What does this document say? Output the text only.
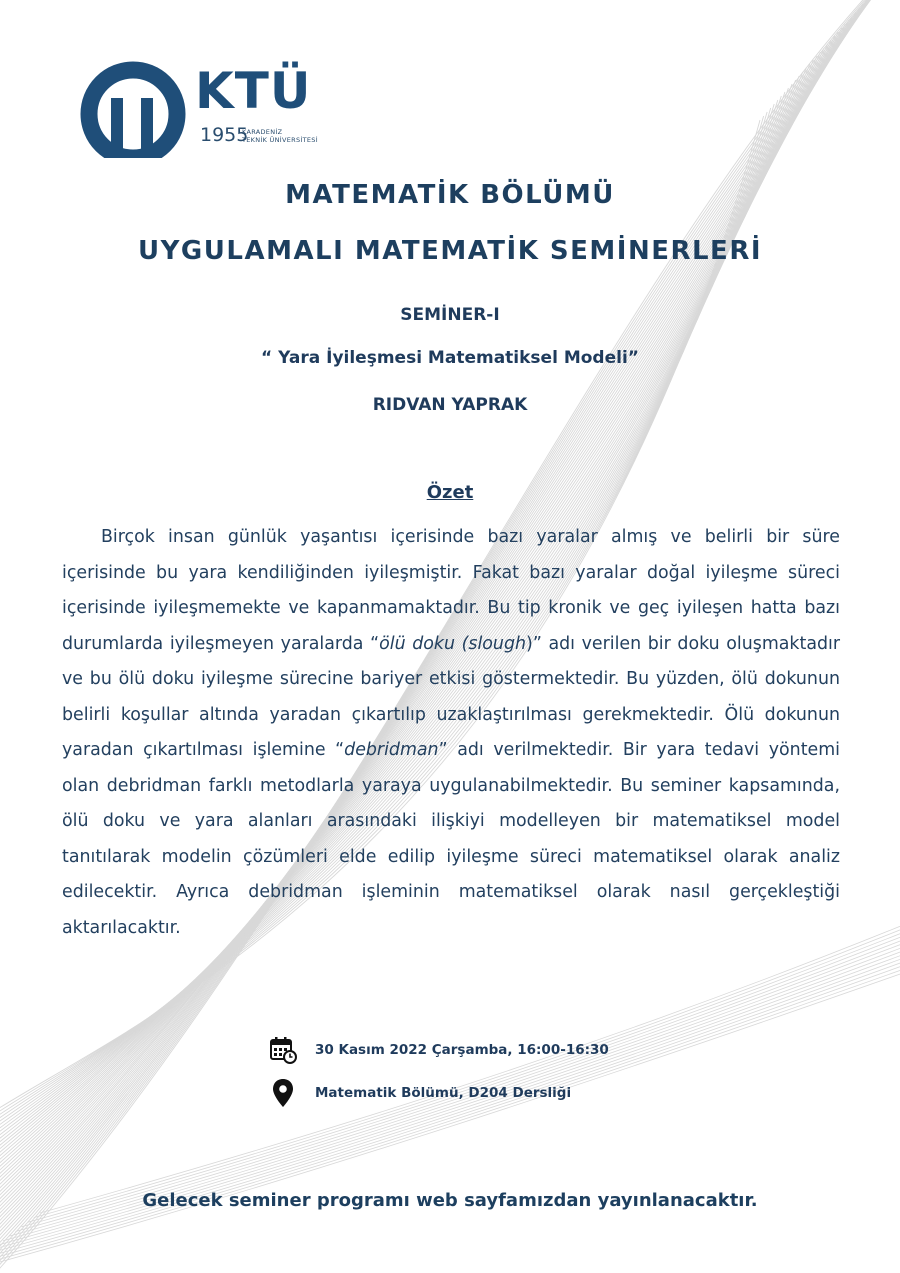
KTÜ
1955
KARADENİZ
TEKNİK ÜNİVERSİTESİ
MATEMATİK BÖLÜMÜ
UYGULAMALI MATEMATİK SEMİNERLERİ
SEMİNER-I
“ Yara İyileşmesi Matematiksel Modeli”
RIDVAN YAPRAK
Özet
Birçok insan günlük yaşantısı içerisinde bazı yaralar almış ve belirli bir süre içerisinde bu yara kendiliğinden iyileşmiştir. Fakat bazı yaralar doğal iyileşme süreci içerisinde iyileşmemekte ve kapanmamaktadır. Bu tip kronik ve geç iyileşen hatta bazı durumlarda iyileşmeyen yaralarda “ölü doku (slough)” adı verilen bir doku oluşmaktadır ve bu ölü doku iyileşme sürecine bariyer etkisi göstermektedir. Bu yüzden, ölü dokunun belirli koşullar altında yaradan çıkartılıp uzaklaştırılması gerekmektedir. Ölü dokunun yaradan çıkartılması işlemine “debridman” adı verilmektedir. Bir yara tedavi yöntemi olan debridman farklı metodlarla yaraya uygulanabilmektedir. Bu seminer kapsamında, ölü doku ve yara alanları arasındaki ilişkiyi modelleyen bir matematiksel model tanıtılarak modelin çözümleri elde edilip iyileşme süreci matematiksel olarak analiz edilecektir. Ayrıca debridman işleminin matematiksel olarak nasıl gerçekleştiği aktarılacaktır.
30 Kasım 2022 Çarşamba, 16:00-16:30
Matematik Bölümü, D204 Dersliği
Gelecek seminer programı web sayfamızdan yayınlanacaktır.
